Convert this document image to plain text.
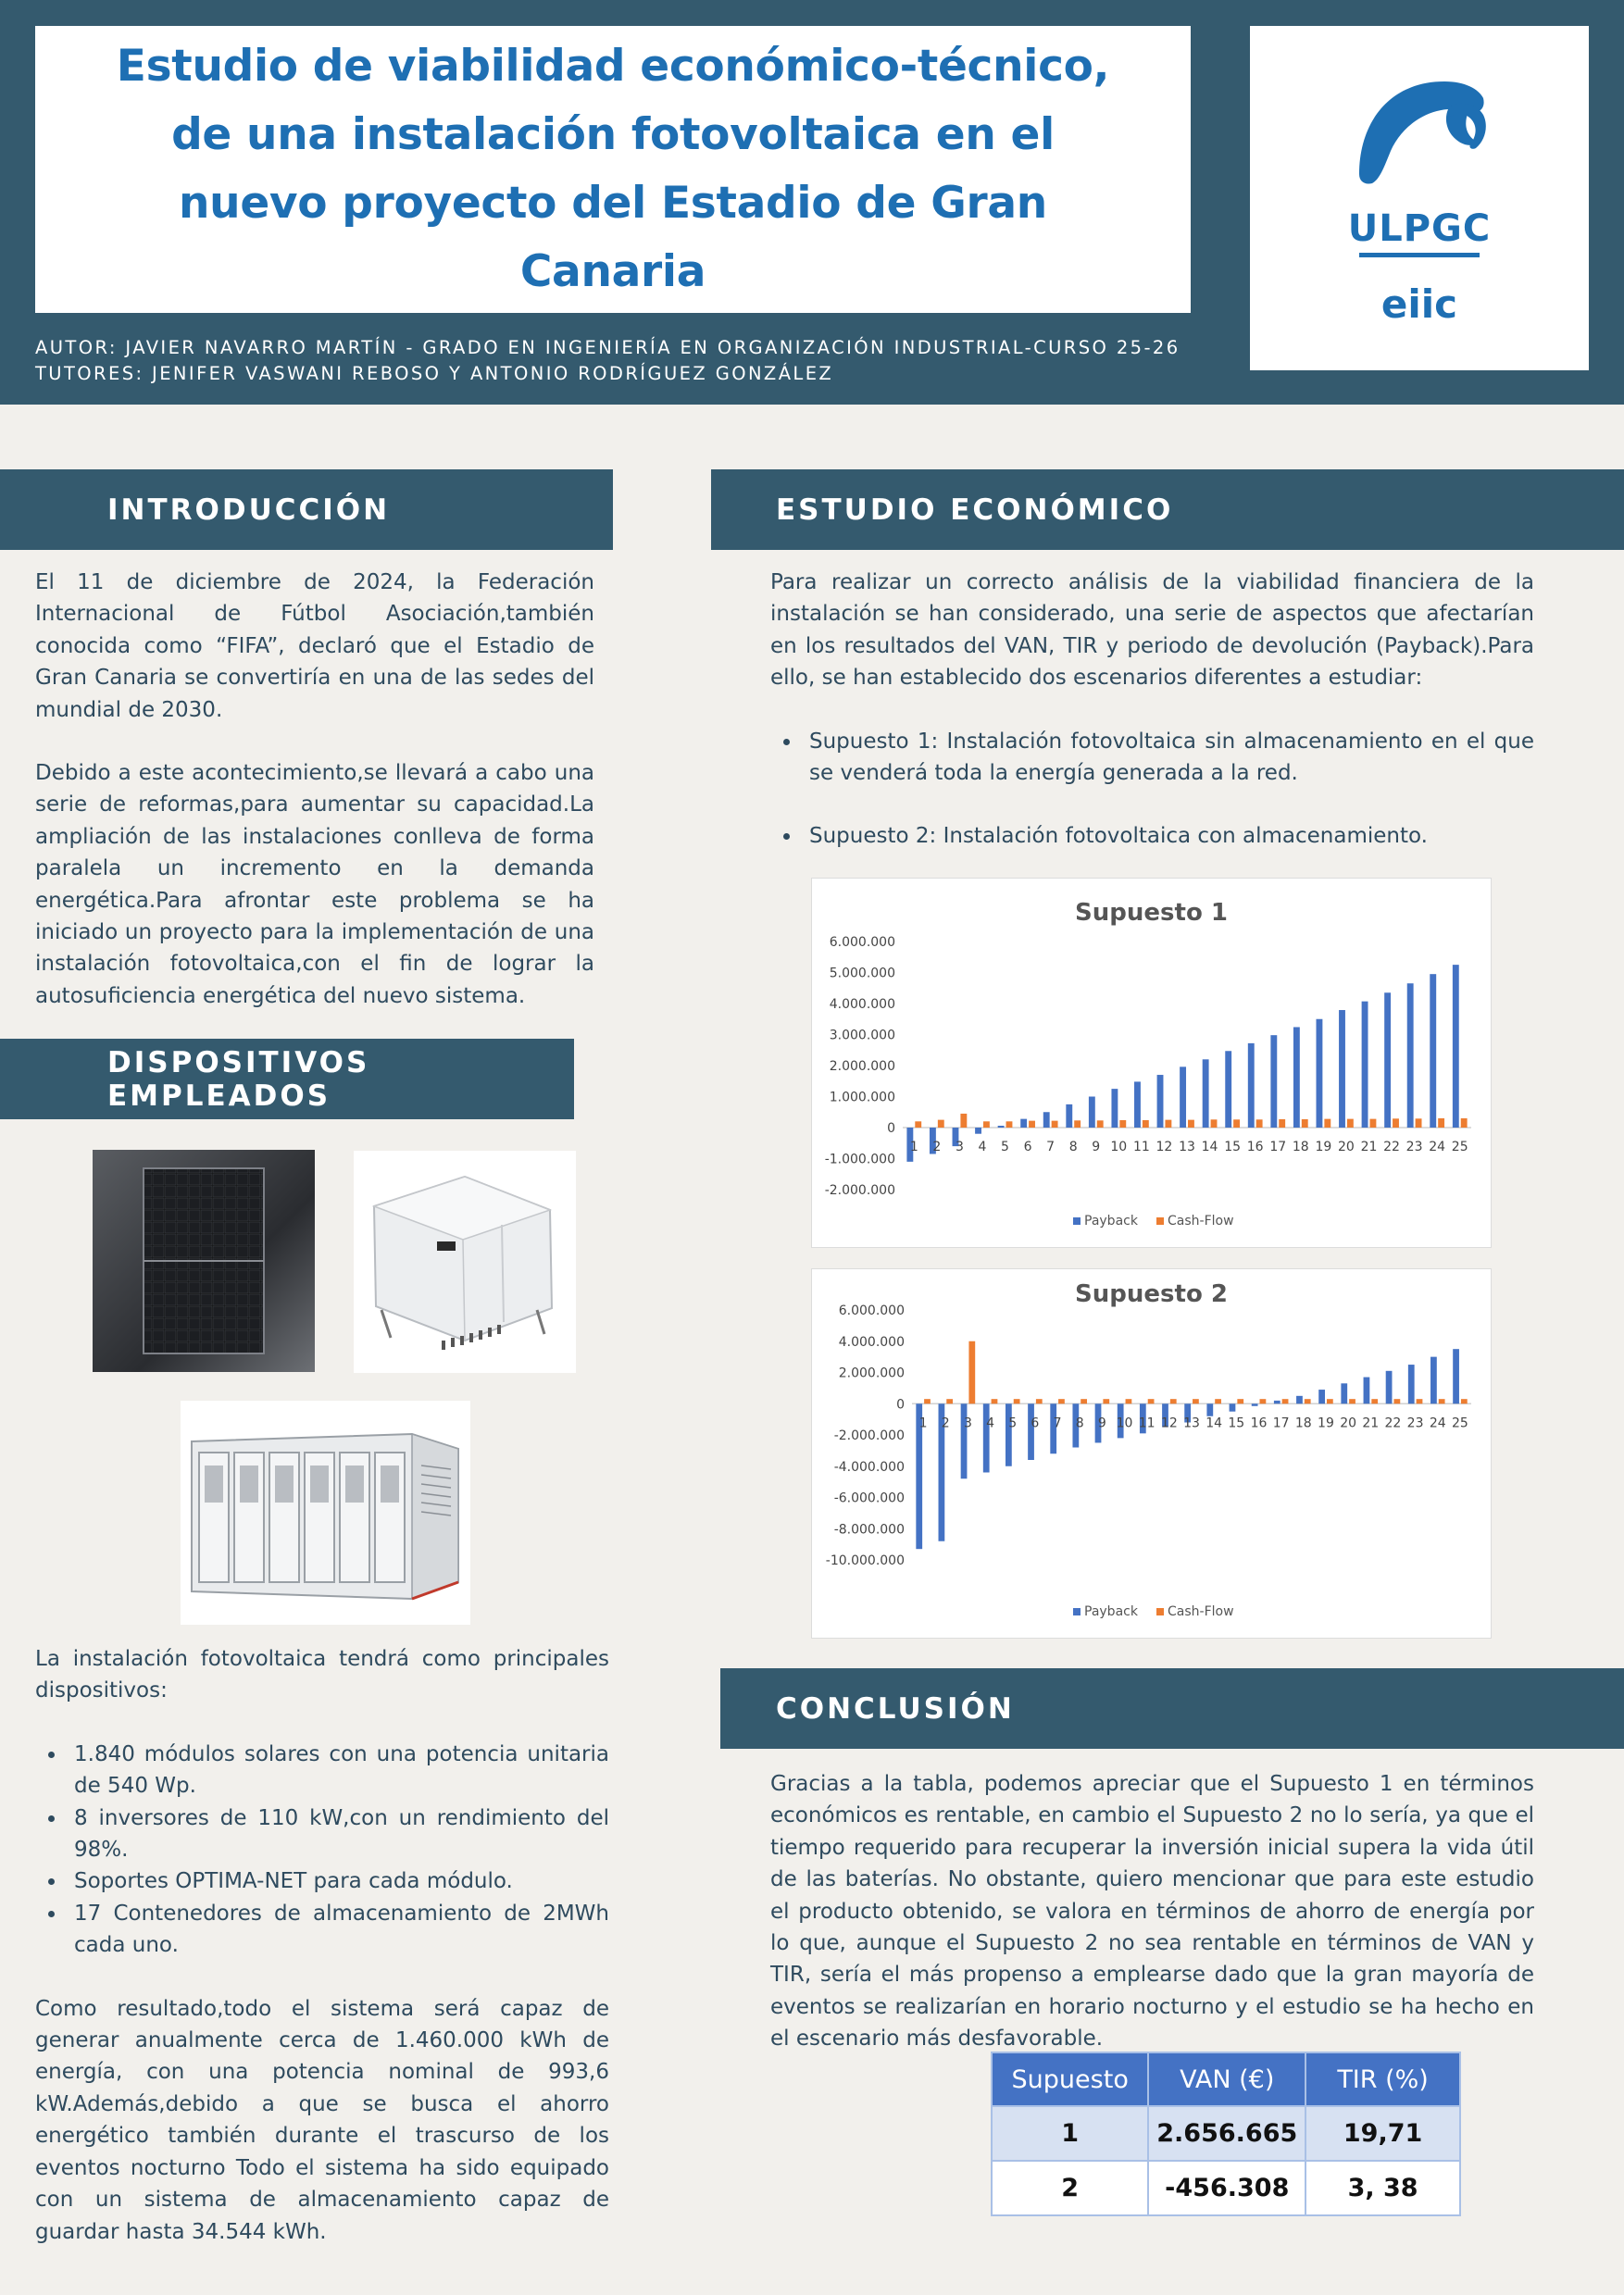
Estudio de viabilidad económico-técnico, de una instalación fotovoltaica en el nuevo proyecto del Estadio de Gran Canaria
AUTOR: JAVIER NAVARRO MARTÍN - GRADO EN INGENIERÍA EN ORGANIZACIÓN INDUSTRIAL-CURSO 25-26
TUTORES: JENIFER VASWANI REBOSO Y ANTONIO RODRÍGUEZ GONZÁLEZ
ULPGC
eiic
INTRODUCCIÓN

El 11 de diciembre de 2024, la Federación Internacional de Fútbol Asociación,también conocida como “FIFA”, declaró que el Estadio de Gran Canaria se convertiría en una de las sedes del mundial de 2030.

Debido a este acontecimiento,se llevará a cabo una serie de reformas,para aumentar su capacidad.La ampliación de las instalaciones conlleva de forma paralela un incremento en la demanda energética.Para afrontar este problema se ha iniciado un proyecto para la implementación de una instalación fotovoltaica,con el fin de lograr la autosuficiencia energética del nuevo sistema.

DISPOSITIVOS EMPLEADOS

La instalación fotovoltaica tendrá como principales dispositivos:

1.840 módulos solares con una potencia unitaria de 540 Wp.
8 inversores de 110 kW,con un rendimiento del 98%.
Soportes OPTIMA-NET para cada módulo.
17 Contenedores de almacenamiento de 2MWh cada uno.

Como resultado,todo el sistema será capaz de generar anualmente cerca de 1.460.000 kWh de energía, con una potencia nominal de 993,6 kW.Además,debido a que se busca el ahorro energético también durante el trascurso de los eventos nocturno Todo el sistema ha sido equipado con un sistema de almacenamiento capaz de guardar hasta 34.544 kWh.

ESTUDIO ECONÓMICO

Para realizar un correcto análisis de la viabilidad financiera de la instalación se han considerado, una serie de aspectos que afectarían en los resultados del VAN, TIR y periodo de devolución (Payback).Para ello, se han establecido dos escenarios diferentes a estudiar:

Supuesto 1: Instalación fotovoltaica sin almacenamiento en el que se venderá toda la energía generada a la red.
Supuesto 2: Instalación fotovoltaica con almacenamiento.
Supuesto 1
6.000.000
5.000.000
4.000.000
3.000.000
2.000.000
1.000.000
0
-1.000.000
-2.000.000
1 2 3 4 5 6 7 8 9 10 11 12 13 14 15 16 17 18 19 20 21 22 23 24 25
Payback Cash-Flow
Supuesto 2
6.000.000
4.000.000
2.000.000
0
-2.000.000
-4.000.000
-6.000.000
-8.000.000
-10.000.000
1 2 3 4 5 6 7 8 9 10 11 12 13 14 15 16 17 18 19 20 21 22 23 24 25
Payback Cash-Flow
CONCLUSIÓN
Gracias a la tabla, podemos apreciar que el Supuesto 1 en términos económicos es rentable, en cambio el Supuesto 2 no lo sería, ya que el tiempo requerido para recuperar la inversión inicial supera la vida útil de las baterías. No obstante, quiero mencionar que para este estudio el producto obtenido, se valora en términos de ahorro de energía por lo que, aunque el Supuesto 2 no sea rentable en términos de VAN y TIR, sería el más propenso a emplearse dado que la gran mayoría de eventos se realizarían en horario nocturno y el estudio se ha hecho en el escenario más desfavorable.
Supuesto	VAN (€)	TIR (%)
1	2.656.665	19,71
2	-456.308	3, 38
